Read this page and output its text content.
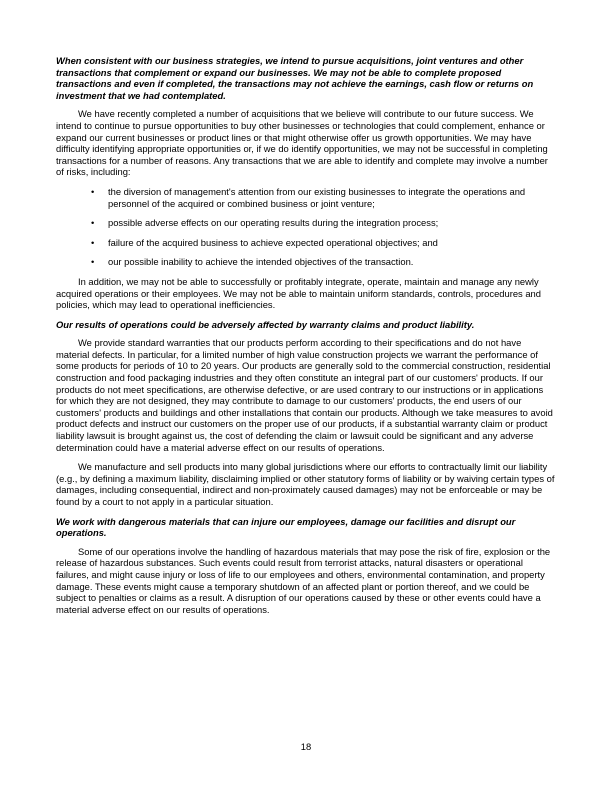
When consistent with our business strategies, we intend to pursue acquisitions, joint ventures and other transactions that complement or expand our businesses. We may not be able to complete proposed transactions and even if completed, the transactions may not achieve the earnings, cash flow or returns on investment that we had contemplated.

We have recently completed a number of acquisitions that we believe will contribute to our future success. We intend to continue to pursue opportunities to buy other businesses or technologies that could complement, enhance or expand our current businesses or product lines or that might otherwise offer us growth opportunities. We may have difficulty identifying appropriate opportunities or, if we do identify opportunities, we may not be successful in completing transactions for a number of reasons. Any transactions that we are able to identify and complete may involve a number of risks, including:

• the diversion of management's attention from our existing businesses to integrate the operations and personnel of the acquired or combined business or joint venture;
• possible adverse effects on our operating results during the integration process;
• failure of the acquired business to achieve expected operational objectives; and
• our possible inability to achieve the intended objectives of the transaction.

In addition, we may not be able to successfully or profitably integrate, operate, maintain and manage any newly acquired operations or their employees. We may not be able to maintain uniform standards, controls, procedures and policies, which may lead to operational inefficiencies.

Our results of operations could be adversely affected by warranty claims and product liability.

We provide standard warranties that our products perform according to their specifications and do not have material defects. In particular, for a limited number of high value construction projects we warrant the performance of some products for periods of 10 to 20 years. Our products are generally sold to the commercial construction, residential construction and food packaging industries and they often constitute an integral part of our customers' products. If our products do not meet specifications, are otherwise defective, or are used contrary to our instructions or in applications for which they are not designed, they may contribute to damage to our customers' products, the end users of our customers' products and buildings and other installations that contain our products. Although we take measures to avoid product defects and instruct our customers on the proper use of our products, if a substantial warranty claim or product liability lawsuit is brought against us, the cost of defending the claim or lawsuit could be significant and any adverse determination could have a material adverse effect on our results of operations.

We manufacture and sell products into many global jurisdictions where our efforts to contractually limit our liability (e.g., by defining a maximum liability, disclaiming implied or other statutory forms of liability or by waiving certain types of damages, including consequential, indirect and non-proximately caused damages) may not be enforceable or may be found by a court to not apply in a particular situation.

We work with dangerous materials that can injure our employees, damage our facilities and disrupt our operations.

Some of our operations involve the handling of hazardous materials that may pose the risk of fire, explosion or the release of hazardous substances. Such events could result from terrorist attacks, natural disasters or operational failures, and might cause injury or loss of life to our employees and others, environmental contamination, and property damage. These events might cause a temporary shutdown of an affected plant or portion thereof, and we could be subject to penalties or claims as a result. A disruption of our operations caused by these or other events could have a material adverse effect on our results of operations.

18
